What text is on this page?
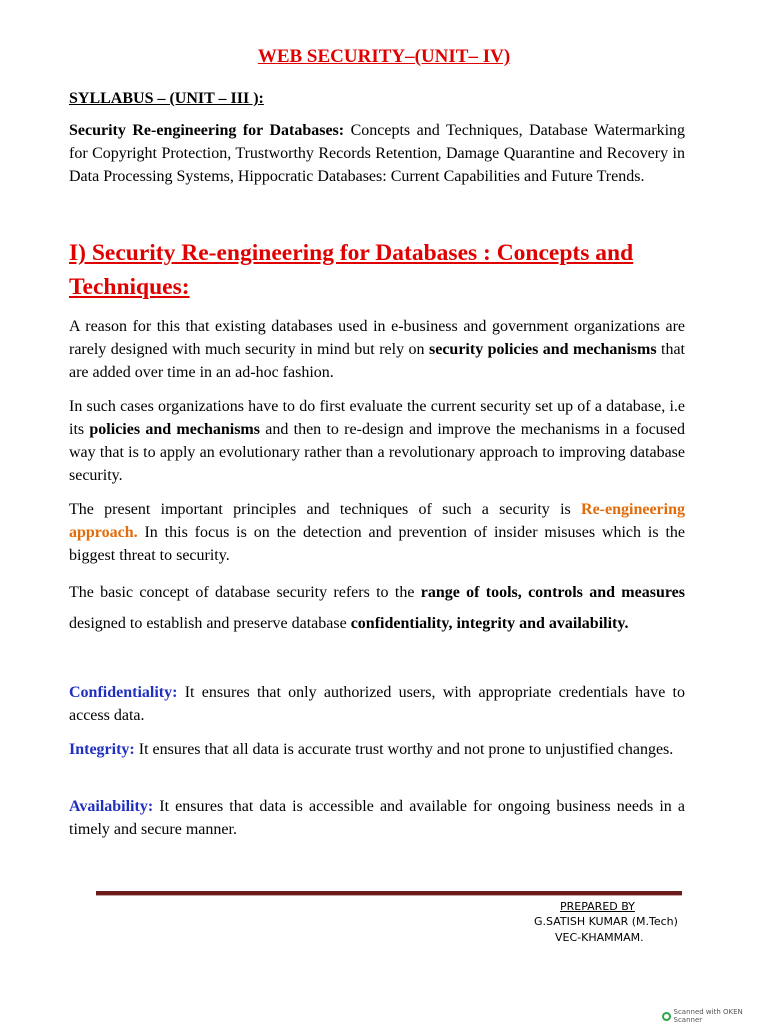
WEB SECURITY–(UNIT– IV)
SYLLABUS – (UNIT – III ):

Security Re-engineering for Databases: Concepts and Techniques, Database Watermarking for Copyright Protection, Trustworthy Records Retention, Damage Quarantine and Recovery in Data Processing Systems, Hippocratic Databases: Current Capabilities and Future Trends.

I) Security Re-engineering for Databases : Concepts and Techniques:

A reason for this that existing databases used in e-business and government organizations are rarely designed with much security in mind but rely on security policies and mechanisms that are added over time in an ad-hoc fashion.

In such cases organizations have to do first evaluate the current security set up of a database, i.e its policies and mechanisms and then to re-design and improve the mechanisms in a focused way that is to apply an evolutionary rather than a revolutionary approach to improving database security.

The present important principles and techniques of such a security is Re-engineering approach. In this focus is on the detection and prevention of insider misuses which is the biggest threat to security.

The basic concept of database security refers to the range of tools, controls and measures designed to establish and preserve database confidentiality, integrity and availability.

Confidentiality: It ensures that only authorized users, with appropriate credentials have to access data.

Integrity: It ensures that all data is accurate trust worthy and not prone to unjustified changes.

Availability: It ensures that data is accessible and available for ongoing business needs in a timely and secure manner.

PREPARED BY
G.SATISH KUMAR (M.Tech)
VEC-KHAMMAM.
Scanned with OKEN Scanner
